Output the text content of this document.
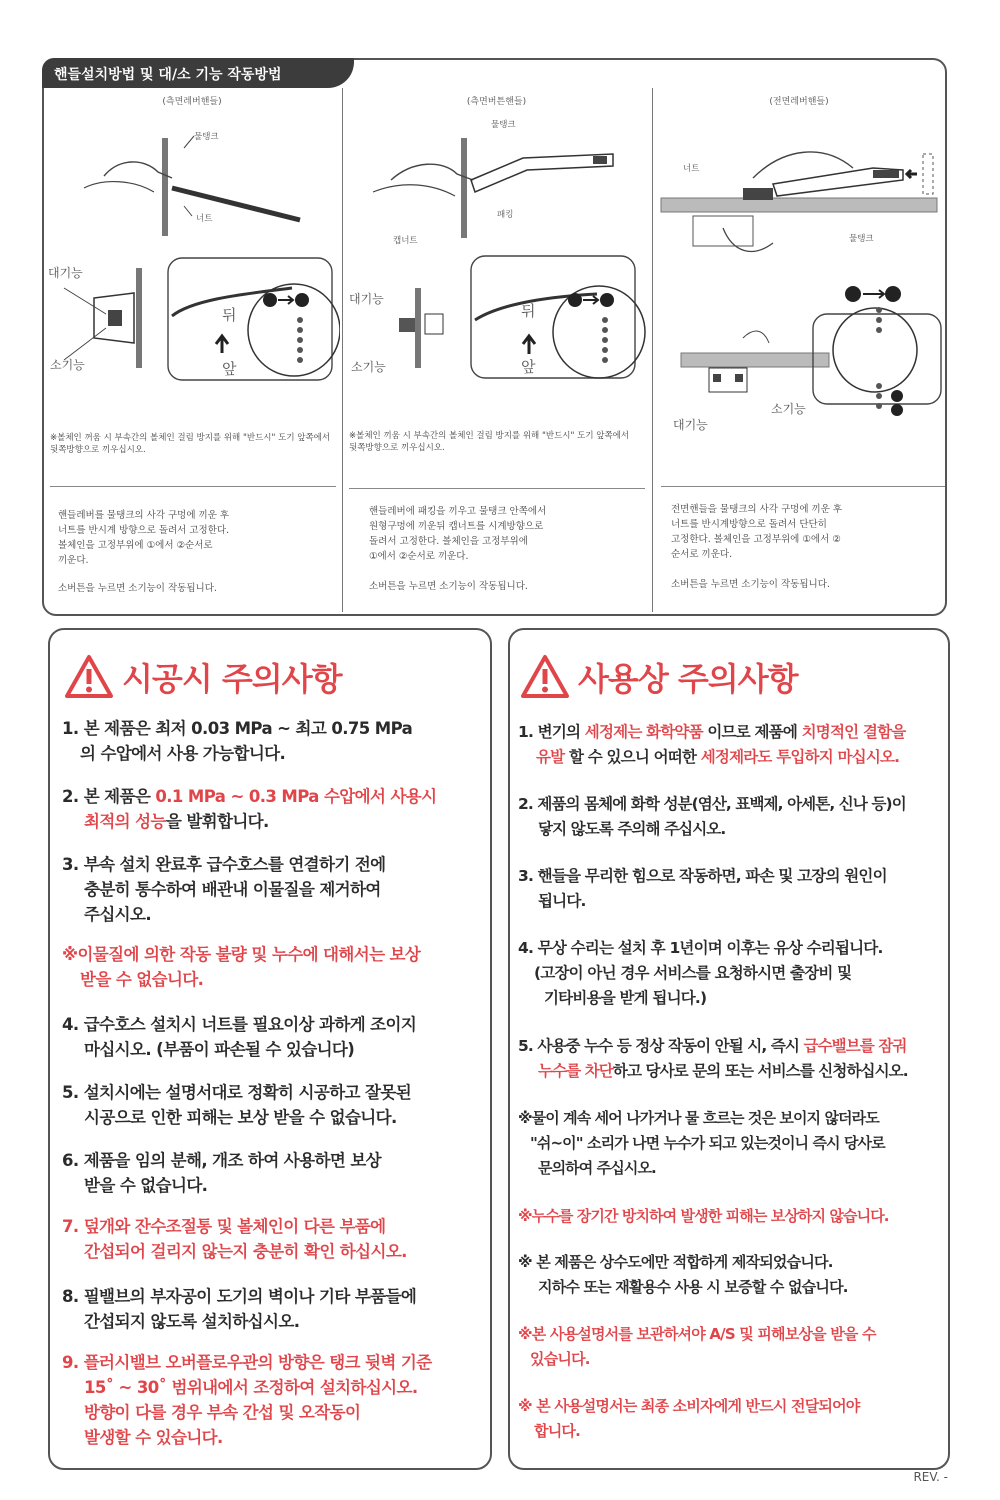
핸들설치방법 및 대/소 기능 작동방법
(측면레버핸들)
물탱크
너트
대기능
소기능
뒤
앞
※볼체인 꺼움 시 부속간의 볼체인 걸림 방지를 위해 "반드시" 도기 앞쪽에서 뒷쪽방향으로 끼우십시오.
핸들레버를 물탱크의 사각 구멍에 끼운 후
너트를 반시계 방향으로 돌려서 고정한다.
볼체인을 고정부위에 ①에서 ②순서로
끼운다.
소버튼을 누르면 소기능이 작동됩니다.
(측면버튼핸들)
물탱크
캡너트
패킹
대기능
소기능
뒤
앞
※볼체인 끼움 시 부속간의 볼체인 걸림 방지를 위해 "반드시" 도기 앞쪽에서 뒷쪽방향으로 끼우십시오.
핸들레버에 패킹을 끼우고 물탱크 안쪽에서
원형구멍에 끼운뒤 캡너트를 시계방향으로
돌려서 고정한다. 볼체인을 고정부위에
①에서 ②순서로 끼운다.
소버튼을 누르면 소기능이 작동됩니다.
(전면레버핸들)
너트
물탱크
대기능
소기능
전면핸들을 물탱크의 사각 구멍에 끼운 후
너트를 반시계방향으로 돌려서 단단히
고정한다. 볼체인을 고정부위에 ①에서 ②
순서로 끼운다.
소버튼을 누르면 소기능이 작동됩니다.
시공시 주의사항
1. 본 제품은 최저 0.03 MPa ~ 최고 0.75 MPa
의 수압에서 사용 가능합니다.
2. 본 제품은 0.1 MPa ~ 0.3 MPa 수압에서 사용시
최적의 성능을 발휘합니다.
3. 부속 설치 완료후 급수호스를 연결하기 전에
충분히 통수하여 배관내 이물질을 제거하여
주십시오.
※이물질에 의한 작동 불량 및 누수에 대해서는 보상
받을 수 없습니다.
4. 급수호스 설치시 너트를 필요이상 과하게 조이지
마십시오. (부품이 파손될 수 있습니다)
5. 설치시에는 설명서대로 정확히 시공하고 잘못된
시공으로 인한 피해는 보상 받을 수 없습니다.
6. 제품을 임의 분해, 개조 하여 사용하면 보상
받을 수 없습니다.
7. 덮개와 잔수조절통 및 볼체인이 다른 부품에
간섭되어 걸리지 않는지 충분히 확인 하십시오.
8. 필밸브의 부자공이 도기의 벽이나 기타 부품들에
간섭되지 않도록 설치하십시오.
9. 플러시밸브 오버플로우관의 방향은 탱크 뒷벽 기준
15˚ ~ 30˚ 범위내에서 조정하여 설치하십시오.
방향이 다를 경우 부속 간섭 및 오작동이
발생할 수 있습니다.
사용상 주의사항
1. 변기의 세정제는 화학약품 이므로 제품에 치명적인 결함을
유발 할 수 있으니 어떠한 세정제라도 투입하지 마십시오.
2. 제품의 몸체에 화학 성분(염산, 표백제, 아세톤, 신나 등)이
닿지 않도록 주의해 주십시오.
3. 핸들을 무리한 힘으로 작동하면, 파손 및 고장의 원인이
됩니다.
4. 무상 수리는 설치 후 1년이며 이후는 유상 수리됩니다.
(고장이 아닌 경우 서비스를 요청하시면 출장비 및
기타비용을 받게 됩니다.)
5. 사용중 누수 등 정상 작동이 안될 시, 즉시 급수밸브를 잠궈
누수를 차단하고 당사로 문의 또는 서비스를 신청하십시오.
※물이 계속 세어 나가거나 물 흐르는 것은 보이지 않더라도
"쉬~이" 소리가 나면 누수가 되고 있는것이니 즉시 당사로
문의하여 주십시오.
※누수를 장기간 방치하여 발생한 피해는 보상하지 않습니다.
※ 본 제품은 상수도에만 적합하게 제작되었습니다.
지하수 또는 재활용수 사용 시 보증할 수 없습니다.
※본 사용설명서를 보관하셔야 A/S 및 피해보상을 받을 수
있습니다.
※ 본 사용설명서는 최종 소비자에게 반드시 전달되어야
합니다.
REV. -
